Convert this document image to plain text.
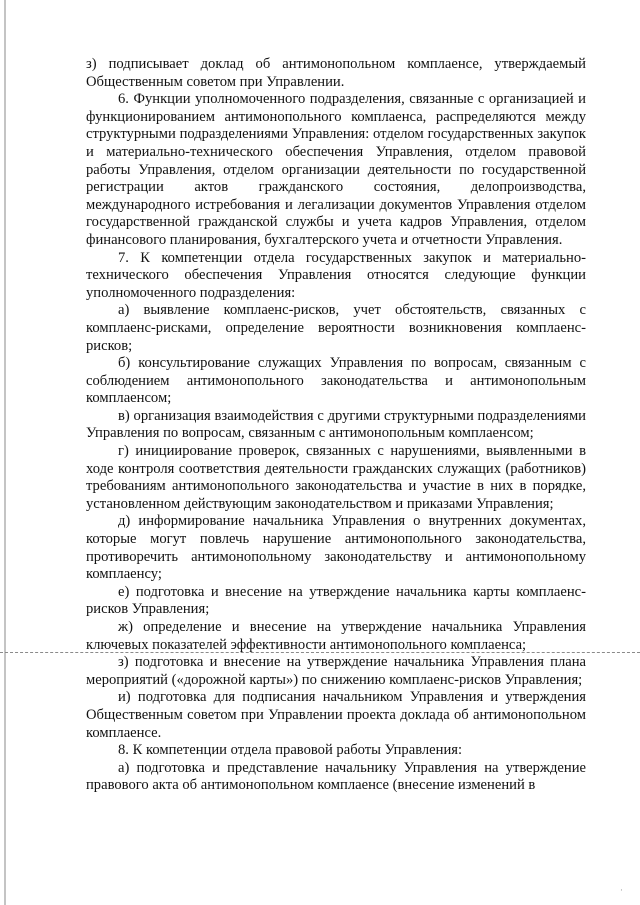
з) подписывает доклад об антимонопольном комплаенсе, утверждаемый Общественным советом при Управлении.

6. Функции уполномоченного подразделения, связанные с организацией и функционированием антимонопольного комплаенса, распределяются между структурными подразделениями Управления: отделом государственных закупок и материально-технического обеспечения Управления, отделом правовой работы Управления, отделом организации деятельности по государственной регистрации актов гражданского состояния, делопроизводства, международного истребования и легализации документов Управления отделом государственной гражданской службы и учета кадров Управления, отделом финансового планирования, бухгалтерского учета и отчетности Управления.

7. К компетенции отдела государственных закупок и материально-технического обеспечения Управления относятся следующие функции уполномоченного подразделения:

а) выявление комплаенс-рисков, учет обстоятельств, связанных с комплаенс-рисками, определение вероятности возникновения комплаенс-рисков;

б) консультирование служащих Управления по вопросам, связанным с соблюдением антимонопольного законодательства и антимонопольным комплаенсом;

в) организация взаимодействия с другими структурными подразделениями Управления по вопросам, связанным с антимонопольным комплаенсом;

г) инициирование проверок, связанных с нарушениями, выявленными в ходе контроля соответствия деятельности гражданских служащих (работников) требованиям антимонопольного законодательства и участие в них в порядке, установленном действующим законодательством и приказами Управления;

д) информирование начальника Управления о внутренних документах, которые могут повлечь нарушение антимонопольного законодательства, противоречить антимонопольному законодательству и антимонопольному комплаенсу;

е) подготовка и внесение на утверждение начальника карты комплаенс-рисков Управления;

ж) определение и внесение на утверждение начальника Управления ключевых показателей эффективности антимонопольного комплаенса;

з) подготовка и внесение на утверждение начальника Управления плана мероприятий («дорожной карты») по снижению комплаенс-рисков Управления;

и) подготовка для подписания начальником Управления и утверждения Общественным советом при Управлении проекта доклада об антимонопольном комплаенсе.

8. К компетенции отдела правовой работы Управления:

а) подготовка и представление начальнику Управления на утверждение правового акта об антимонопольном комплаенсе (внесение изменений в

·
